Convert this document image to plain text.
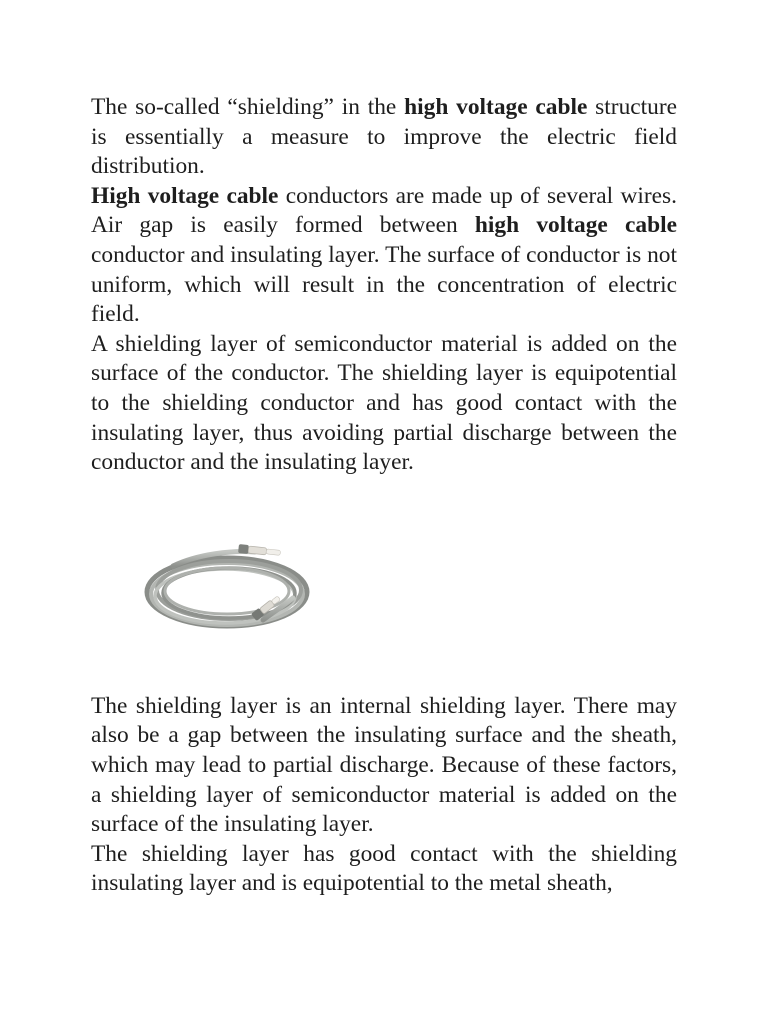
The so-called “shielding” in the high voltage cable structure is essentially a measure to improve the electric field distribution.

High voltage cable conductors are made up of several wires. Air gap is easily formed between high voltage cable conductor and insulating layer. The surface of conductor is not uniform, which will result in the concentration of electric field.

A shielding layer of semiconductor material is added on the surface of the conductor. The shielding layer is equipotential to the shielding conductor and has good contact with the insulating layer, thus avoiding partial discharge between the conductor and the insulating layer.

The shielding layer is an internal shielding layer. There may also be a gap between the insulating surface and the sheath, which may lead to partial discharge. Because of these factors, a shielding layer of semiconductor material is added on the surface of the insulating layer.

The shielding layer has good contact with the shielding insulating layer and is equipotential to the metal sheath,
